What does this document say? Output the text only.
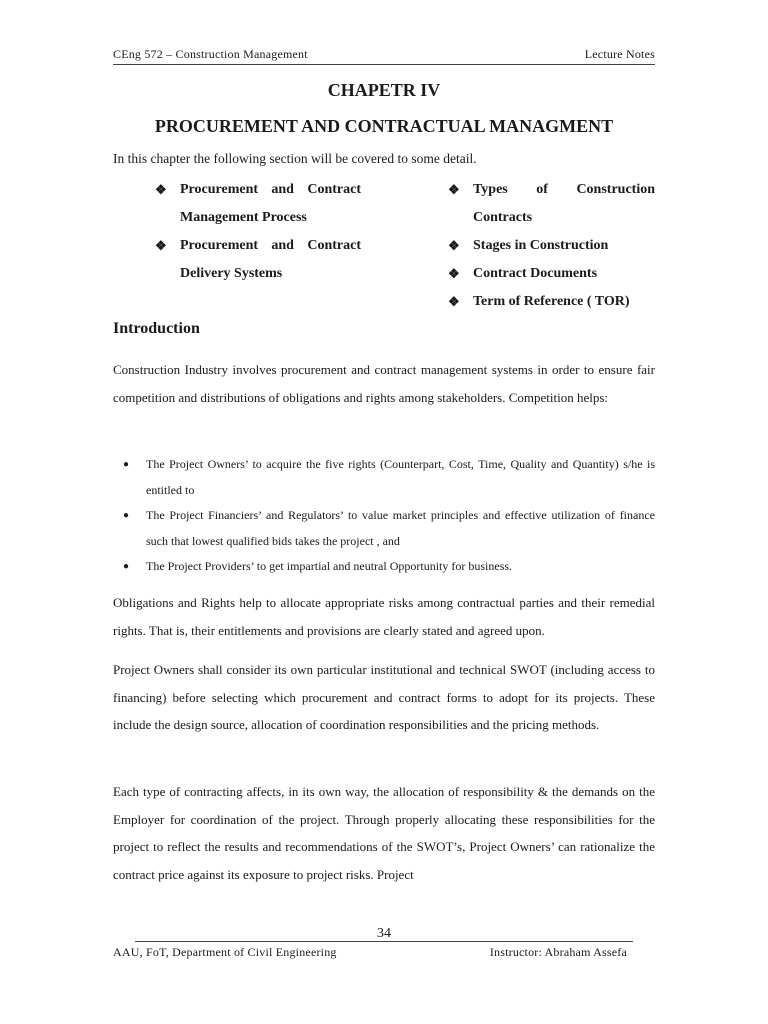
CEng 572 – Construction Management	Lecture Notes
CHAPETR IV
PROCUREMENT AND CONTRACTUAL MANAGMENT
In this chapter the following section will be covered to some detail.
❖ Procurement and Contract Management Process
❖ Procurement and Contract Delivery Systems
❖ Types of Construction Contracts
❖ Stages in Construction
❖ Contract Documents
❖ Term of Reference ( TOR)
Introduction

Construction Industry involves procurement and contract management systems in order to ensure fair competition and distributions of obligations and rights among stakeholders. Competition helps:

●	The Project Owners’ to acquire the five rights (Counterpart, Cost, Time, Quality and Quantity) s/he is entitled to
●	The Project Financiers’ and Regulators’ to value market principles and effective utilization of finance such that lowest qualified bids takes the project , and
●	The Project Providers’ to get impartial and neutral Opportunity for business.

Obligations and Rights help to allocate appropriate risks among contractual parties and their remedial rights. That is, their entitlements and provisions are clearly stated and agreed upon.

Project Owners shall consider its own particular institutional and technical SWOT (including access to financing) before selecting which procurement and contract forms to adopt for its projects. These include the design source, allocation of coordination responsibilities and the pricing methods.

Each type of contracting affects, in its own way, the allocation of responsibility & the demands on the Employer for coordination of the project. Through properly allocating these responsibilities for the project to reflect the results and recommendations of the SWOT’s, Project Owners’ can rationalize the contract price against its exposure to project risks. Project

34
AAU, FoT, Department of Civil Engineering	Instructor: Abraham Assefa
